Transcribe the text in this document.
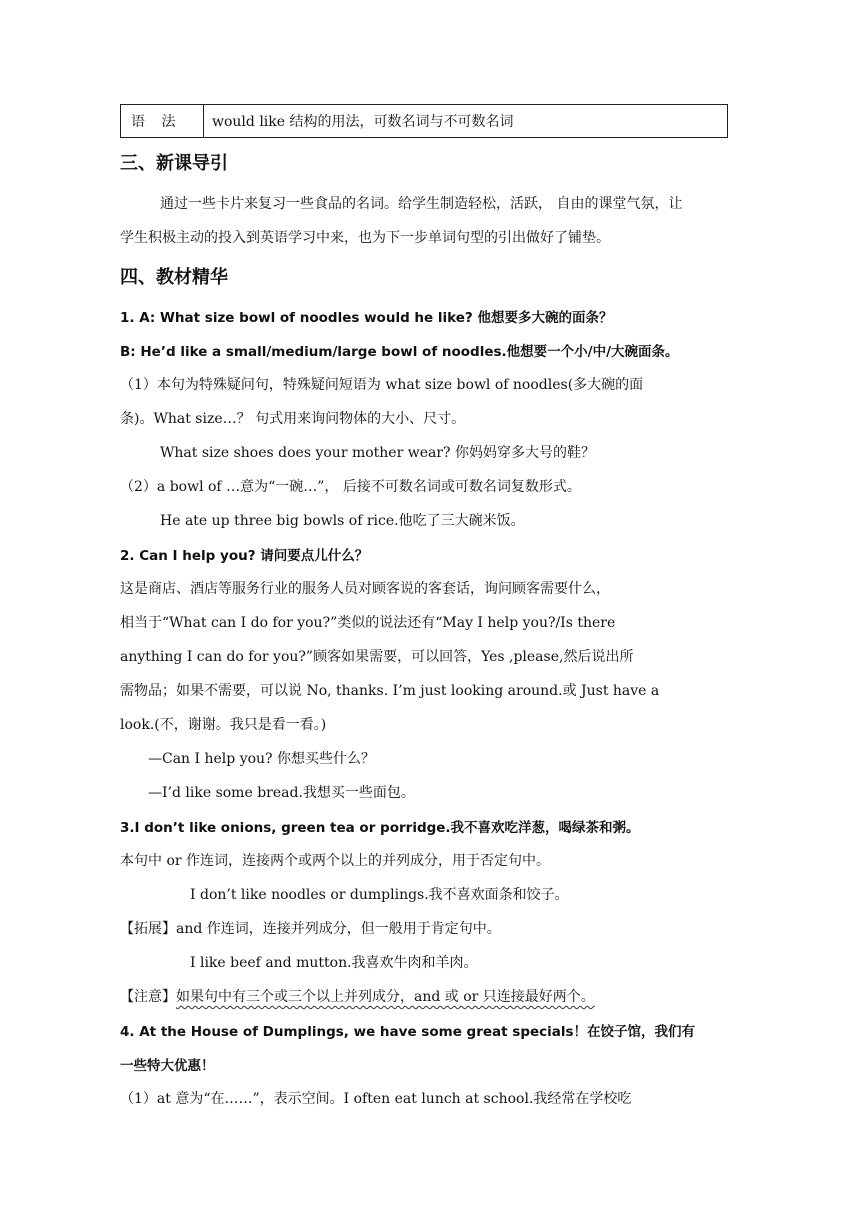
语 法	would like 结构的用法，可数名词与不可数名词
三、新课导引
通过一些卡片来复习一些食品的名词。给学生制造轻松，活跃， 自由的课堂气氛，让
学生积极主动的投入到英语学习中来，也为下一步单词句型的引出做好了铺垫。
四、教材精华
1. A: What size bowl of noodles would he like? 他想要多大碗的面条？
B: He’d like a small/medium/large bowl of noodles.他想要一个小/中/大碗面条。
（1）本句为特殊疑问句，特殊疑问短语为 what size bowl of noodles(多大碗的面
条)。What size…？ 句式用来询问物体的大小、尺寸。
What size shoes does your mother wear? 你妈妈穿多大号的鞋？
（2）a bowl of …意为“一碗…”， 后接不可数名词或可数名词复数形式。
He ate up three big bowls of rice.他吃了三大碗米饭。
2. Can I help you? 请问要点儿什么？
这是商店、酒店等服务行业的服务人员对顾客说的客套话，询问顾客需要什么，
相当于“What can I do for you?”类似的说法还有“May I help you?/Is there
anything I can do for you?”顾客如果需要，可以回答，Yes ,please,然后说出所
需物品；如果不需要，可以说 No, thanks. I’m just looking around.或 Just have a
look.(不，谢谢。我只是看一看。)
—Can I help you? 你想买些什么？
—I’d like some bread.我想买一些面包。
3.I don’t like onions, green tea or porridge.我不喜欢吃洋葱，喝绿茶和粥。
本句中 or 作连词，连接两个或两个以上的并列成分，用于否定句中。
I don’t like noodles or dumplings.我不喜欢面条和饺子。
【拓展】and 作连词，连接并列成分，但一般用于肯定句中。
I like beef and mutton.我喜欢牛肉和羊肉。
【注意】如果句中有三个或三个以上并列成分，and 或 or 只连接最好两个。
4. At the House of Dumplings, we have some great specials！在饺子馆，我们有
一些特大优惠！
（1）at 意为“在……”，表示空间。I often eat lunch at school.我经常在学校吃
